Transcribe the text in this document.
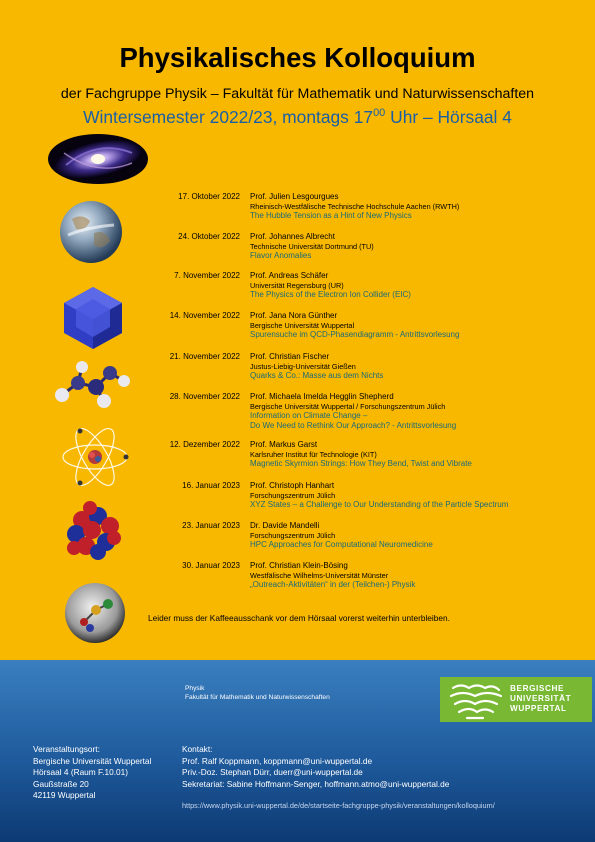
Physikalisches Kolloquium
der Fachgruppe Physik – Fakultät für Mathematik und Naturwissenschaften
Wintersemester 2022/23, montags $17^{00}$ Uhr – Hörsaal 4
17. Oktober 2022 Prof. Julien Lesgourgues
Rheinisch-Westfälische Technische Hochschule Aachen (RWTH)
The Hubble Tension as a Hint of New Physics
24. Oktober 2022 Prof. Johannes Albrecht
Technische Universität Dortmund (TU)
Flavor Anomalies
7. November 2022 Prof. Andreas Schäfer
Universität Regensburg (UR)
The Physics of the Electron Ion Collider (EIC)
14. November 2022 Prof. Jana Nora Günther
Bergische Universität Wuppertal
Spurensuche im QCD-Phasendiagramm - Antrittsvorlesung
21. November 2022 Prof. Christian Fischer
Justus-Liebig-Universität Gießen
Quarks & Co.: Masse aus dem Nichts
28. November 2022 Prof. Michaela Imelda Hegglin Shepherd
Bergische Universität Wuppertal / Forschungszentrum Jülich
Information on Climate Change –
Do We Need to Rethink Our Approach? - Antrittsvorlesung
12. Dezember 2022 Prof. Markus Garst
Karlsruher Institut für Technologie (KIT)
Magnetic Skyrmion Strings: How They Bend, Twist and Vibrate
16. Januar 2023 Prof. Christoph Hanhart
Forschungszentrum Jülich
XYZ States – a Challenge to Our Understanding of the Particle Spectrum
23. Januar 2023 Dr. Davide Mandelli
Forschungszentrum Jülich
HPC Approaches for Computational Neuromedicine
30. Januar 2023 Prof. Christian Klein-Bösing
Westfälische Wilhelms-Universität Münster
„Outreach-Aktivitäten“ in der (Teilchen-) Physik
Leider muss der Kaffeeausschank vor dem Hörsaal vorerst weiterhin unterbleiben.
Physik
Fakultät für Mathematik und Naturwissenschaften
BERGISCHE
UNIVERSITÄT
WUPPERTAL
Veranstaltungsort:
Bergische Universität Wuppertal
Hörsaal 4 (Raum F.10.01)
Gaußstraße 20
42119 Wuppertal
Kontakt:
Prof. Ralf Koppmann, koppmann@uni-wuppertal.de
Priv.-Doz. Stephan Dürr, duerr@uni-wuppertal.de
Sekretariat: Sabine Hoffmann-Senger, hoffmann.atmo@uni-wuppertal.de
https://www.physik.uni-wuppertal.de/de/startseite-fachgruppe-physik/veranstaltungen/kolloquium/
